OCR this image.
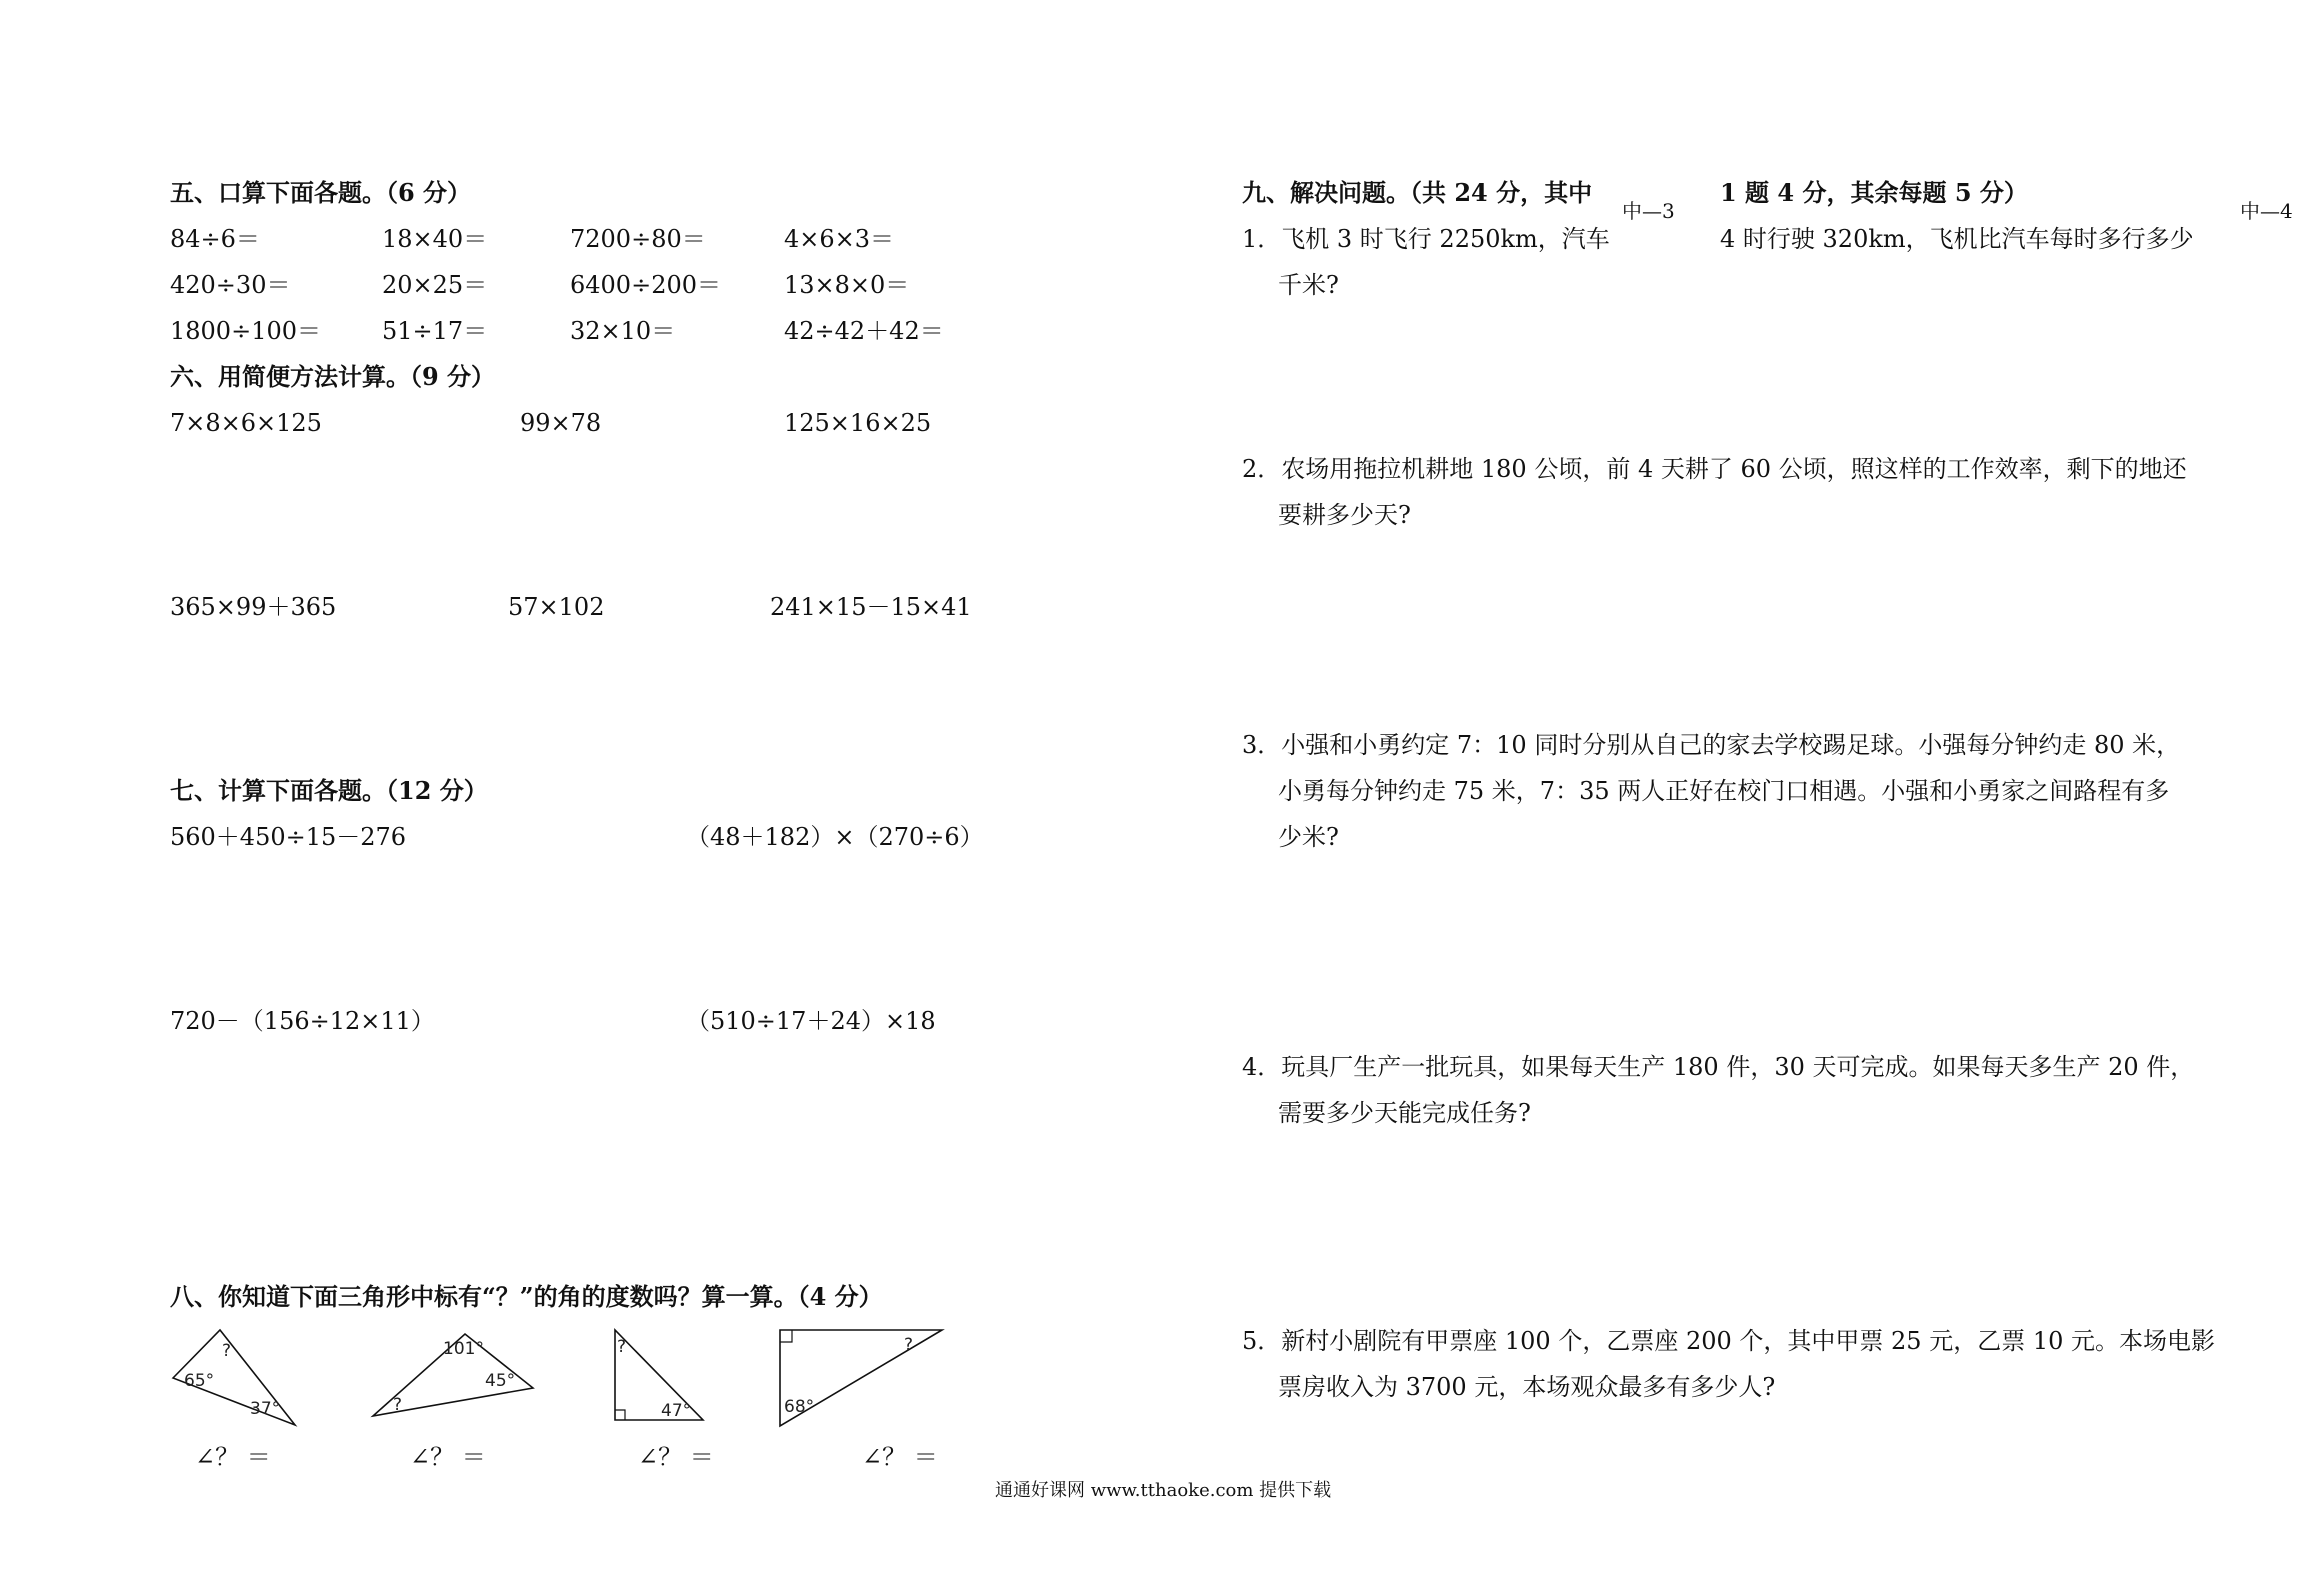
五、口算下面各题。（6 分）
84÷6＝	18×40＝	7200÷80＝	4×6×3＝
420÷30＝	20×25＝	6400÷200＝	13×8×0＝
1800÷100＝	51÷17＝	32×10＝	42÷42＋42＝
六、用简便方法计算。（9 分）
7×8×6×125	99×78	125×16×25
365×99＋365	57×102	241×15－15×41
七、计算下面各题。（12 分）
560＋450÷15－276	（48＋182）×（270÷6）
720－（156÷12×11）	（510÷17＋24）×18
八、你知道下面三角形中标有“？”的角的度数吗？算一算。（4 分）
?
65°
37°
101°
45°
?
?
47°
?
68°
∠？ ＝	∠？ ＝	∠？ ＝	∠？ ＝
九、解决问题。（共 24 分，其中
中—3
1 题 4 分，其余每题 5 分）
中—4
1．飞机 3 时飞行 2250km，汽车	4 时行驶 320km，飞机比汽车每时多行多少
千米?
2．农场用拖拉机耕地 180 公顷，前 4 天耕了 60 公顷，照这样的工作效率，剩下的地还
要耕多少天?
3．小强和小勇约定 7：10 同时分别从自己的家去学校踢足球。小强每分钟约走 80 米，
小勇每分钟约走 75 米，7：35 两人正好在校门口相遇。小强和小勇家之间路程有多
少米?
4．玩具厂生产一批玩具，如果每天生产 180 件，30 天可完成。如果每天多生产 20 件，
需要多少天能完成任务?
5．新村小剧院有甲票座 100 个，乙票座 200 个，其中甲票 25 元，乙票 10 元。本场电影
票房收入为 3700 元，本场观众最多有多少人?
通通好课网 www.tthaoke.com 提供下载
